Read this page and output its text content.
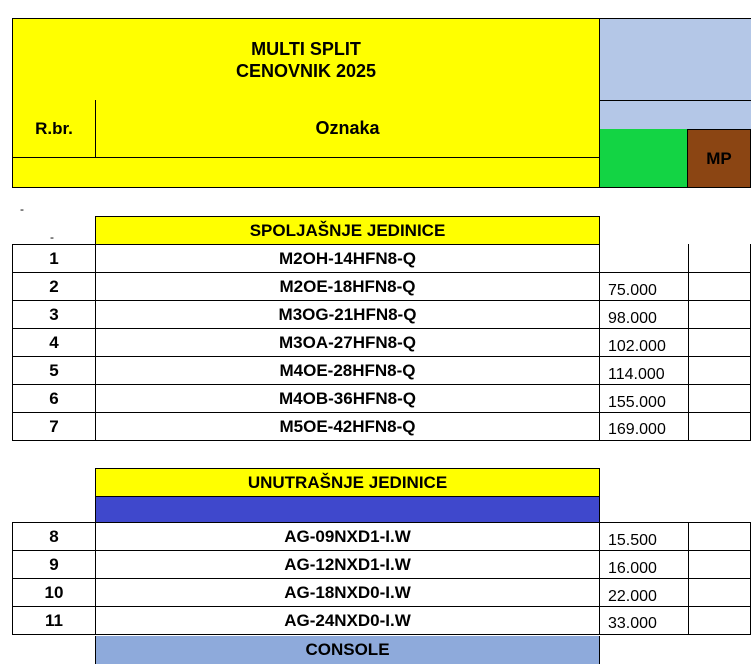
MULTI SPLIT
CENOVNIK 2025
R.br.	Oznaka
MP
-
-	SPOLJAŠNJE JEDINICE
1	M2OH-14HFN8-Q
2	M2OE-18HFN8-Q	75.000
3	M3OG-21HFN8-Q	98.000
4	M3OA-27HFN8-Q	102.000
5	M4OE-28HFN8-Q	114.000
6	M4OB-36HFN8-Q	155.000
7	M5OE-42HFN8-Q	169.000
UNUTRAŠNJE JEDINICE
8	AG-09NXD1-I.W	15.500
9	AG-12NXD1-I.W	16.000
10	AG-18NXD0-I.W	22.000
11	AG-24NXD0-I.W	33.000
CONSOLE
